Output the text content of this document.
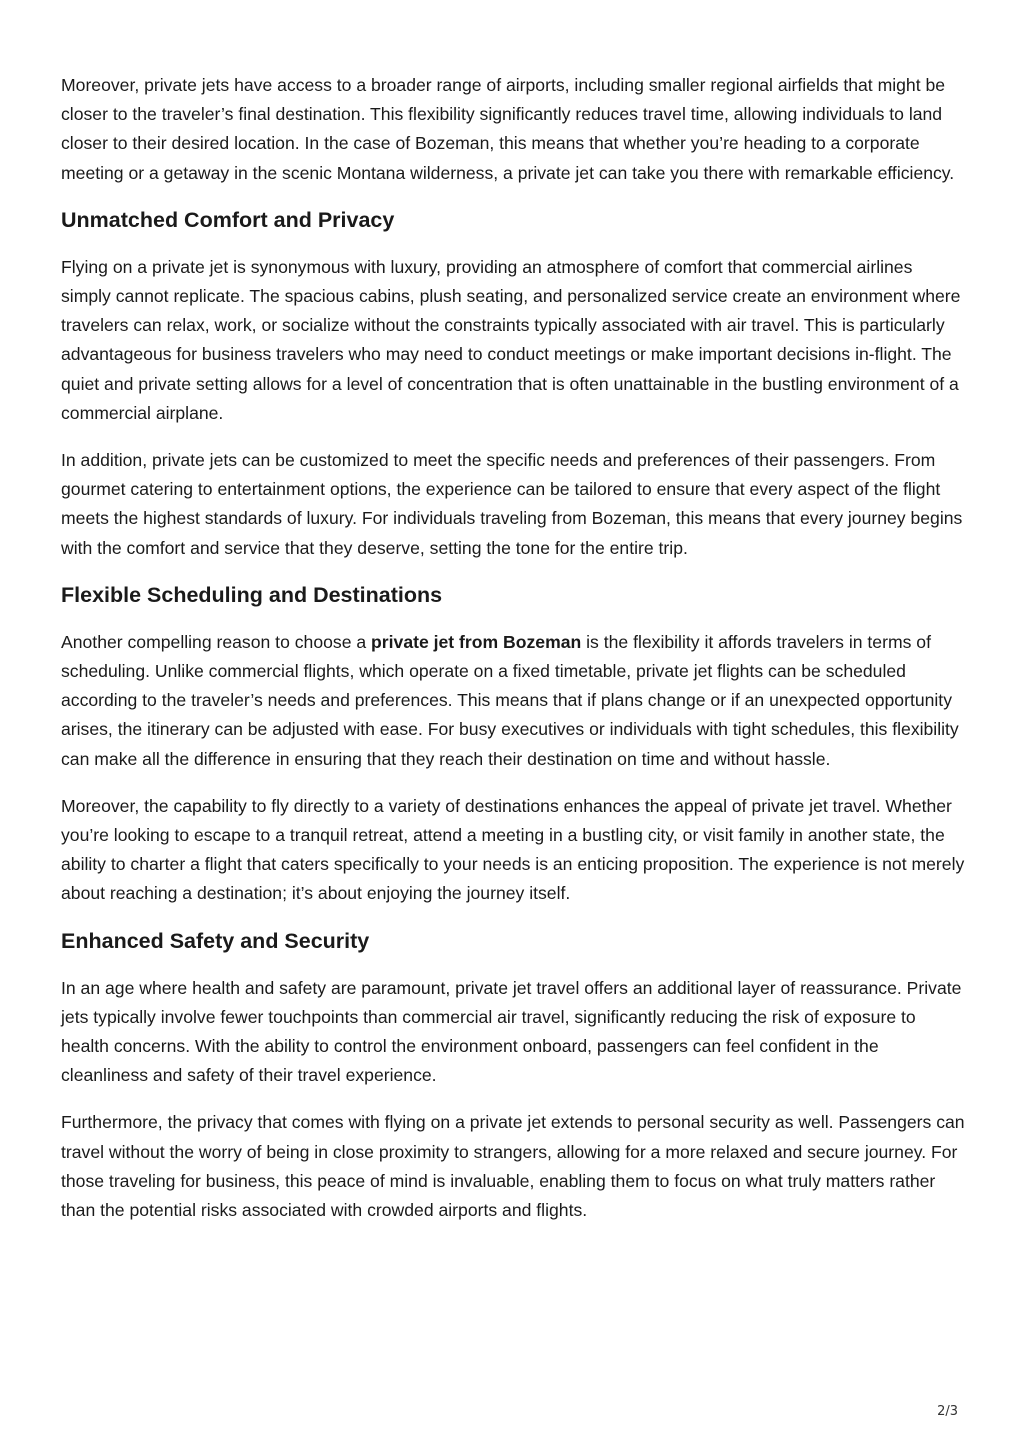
Moreover, private jets have access to a broader range of airports, including smaller regional airfields that might be closer to the traveler’s final destination. This flexibility significantly reduces travel time, allowing individuals to land closer to their desired location. In the case of Bozeman, this means that whether you’re heading to a corporate meeting or a getaway in the scenic Montana wilderness, a private jet can take you there with remarkable efficiency.

Unmatched Comfort and Privacy

Flying on a private jet is synonymous with luxury, providing an atmosphere of comfort that commercial airlines simply cannot replicate. The spacious cabins, plush seating, and personalized service create an environment where travelers can relax, work, or socialize without the constraints typically associated with air travel. This is particularly advantageous for business travelers who may need to conduct meetings or make important decisions in-flight. The quiet and private setting allows for a level of concentration that is often unattainable in the bustling environment of a commercial airplane.

In addition, private jets can be customized to meet the specific needs and preferences of their passengers. From gourmet catering to entertainment options, the experience can be tailored to ensure that every aspect of the flight meets the highest standards of luxury. For individuals traveling from Bozeman, this means that every journey begins with the comfort and service that they deserve, setting the tone for the entire trip.

Flexible Scheduling and Destinations

Another compelling reason to choose a private jet from Bozeman is the flexibility it affords travelers in terms of scheduling. Unlike commercial flights, which operate on a fixed timetable, private jet flights can be scheduled according to the traveler’s needs and preferences. This means that if plans change or if an unexpected opportunity arises, the itinerary can be adjusted with ease. For busy executives or individuals with tight schedules, this flexibility can make all the difference in ensuring that they reach their destination on time and without hassle.

Moreover, the capability to fly directly to a variety of destinations enhances the appeal of private jet travel. Whether you’re looking to escape to a tranquil retreat, attend a meeting in a bustling city, or visit family in another state, the ability to charter a flight that caters specifically to your needs is an enticing proposition. The experience is not merely about reaching a destination; it’s about enjoying the journey itself.

Enhanced Safety and Security

In an age where health and safety are paramount, private jet travel offers an additional layer of reassurance. Private jets typically involve fewer touchpoints than commercial air travel, significantly reducing the risk of exposure to health concerns. With the ability to control the environment onboard, passengers can feel confident in the cleanliness and safety of their travel experience.

Furthermore, the privacy that comes with flying on a private jet extends to personal security as well. Passengers can travel without the worry of being in close proximity to strangers, allowing for a more relaxed and secure journey. For those traveling for business, this peace of mind is invaluable, enabling them to focus on what truly matters rather than the potential risks associated with crowded airports and flights.

2/3
